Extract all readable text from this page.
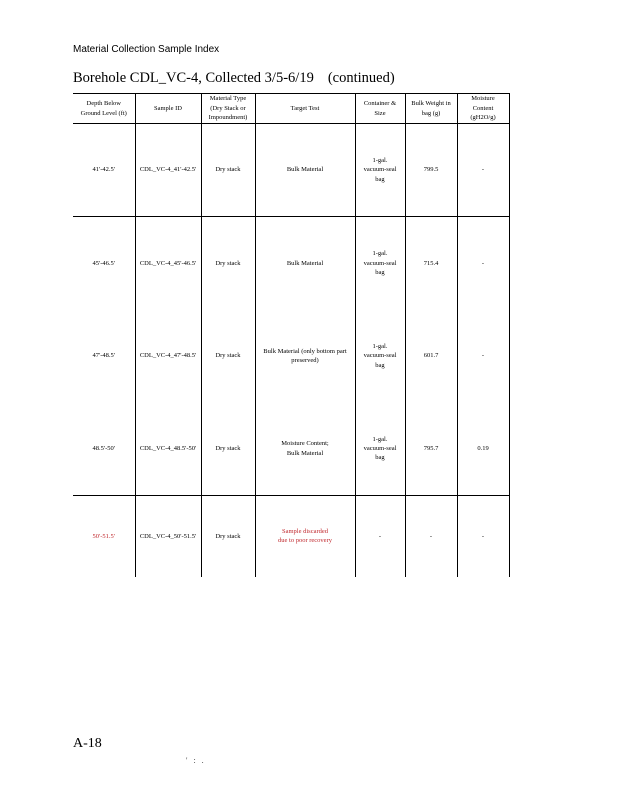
Material Collection Sample Index
Borehole CDL_VC-4, Collected 3/5-6/19 (continued)
Depth Below
Ground Level (ft)	Sample ID	Material Type
(Dry Stack or
Impoundment)	Target Test	Container & Size	Bulk Weight in
bag (g)	Moisture
Content
(gH2O/g)
41'-42.5'	CDL_VC-4_41'-42.5'	Dry stack	Bulk Material	1-gal.
vacuum-seal
bag	799.5	-
45'-46.5'	CDL_VC-4_45'-46.5'	Dry stack	Bulk Material	1-gal.
vacuum-seal
bag	715.4	-
47'-48.5'	CDL_VC-4_47'-48.5'	Dry stack	Bulk Material (only bottom part
preserved)	1-gal.
vacuum-seal
bag	601.7	-
48.5'-50'	CDL_VC-4_48.5'-50'	Dry stack	Moisture Content;
Bulk Material	1-gal.
vacuum-seal
bag	795.7	0.19
50'-51.5'	CDL_VC-4_50'-51.5'	Dry stack	Sample discarded
due to poor recovery	-	-	-
A-18
' : .
